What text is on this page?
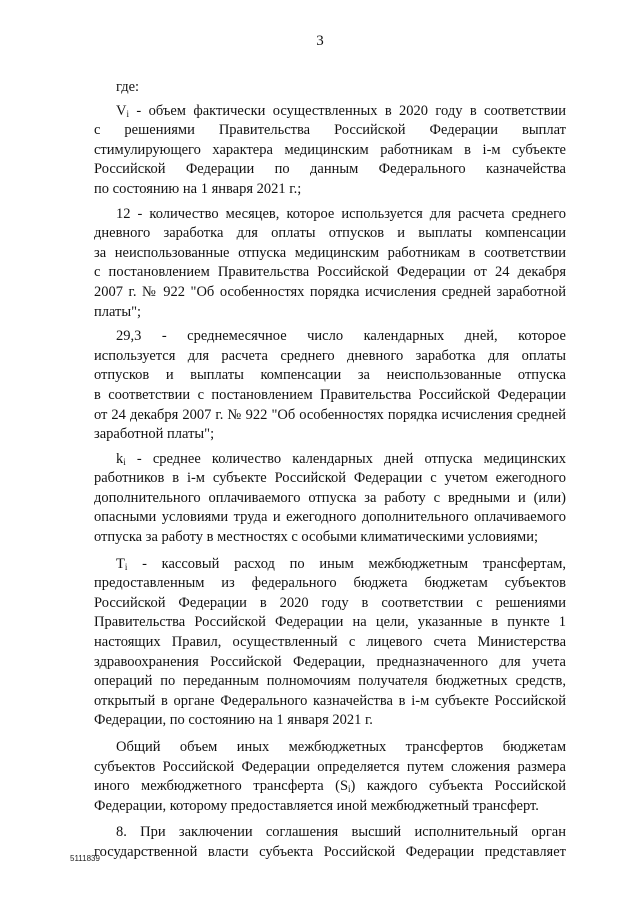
3
где:
$V_i$ - объем фактически осуществленных в 2020 году в соответствии
с решениями Правительства Российской Федерации выплат
стимулирующего характера медицинским работникам в i-м субъекте
Российской Федерации по данным Федерального казначейства
по состоянию на 1 января 2021 г.;
12 - количество месяцев, которое используется для расчета среднего
дневного заработка для оплаты отпусков и выплаты компенсации
за неиспользованные отпуска медицинским работникам в соответствии
с постановлением Правительства Российской Федерации от 24 декабря
2007 г. № 922 "Об особенностях порядка исчисления средней заработной
платы";
29,3 - среднемесячное число календарных дней, которое
используется для расчета среднего дневного заработка для оплаты
отпусков и выплаты компенсации за неиспользованные отпуска
в соответствии с постановлением Правительства Российской Федерации
от 24 декабря 2007 г. № 922 "Об особенностях порядка исчисления средней
заработной платы";
$k_i$ - среднее количество календарных дней отпуска медицинских
работников в i-м субъекте Российской Федерации с учетом ежегодного
дополнительного оплачиваемого отпуска за работу с вредными и (или)
опасными условиями труда и ежегодного дополнительного оплачиваемого
отпуска за работу в местностях с особыми климатическими условиями;
$T_i$ - кассовый расход по иным межбюджетным трансфертам,
предоставленным из федерального бюджета бюджетам субъектов
Российской Федерации в 2020 году в соответствии с решениями
Правительства Российской Федерации на цели, указанные в пункте 1
настоящих Правил, осуществленный с лицевого счета Министерства
здравоохранения Российской Федерации, предназначенного для учета
операций по переданным полномочиям получателя бюджетных средств,
открытый в органе Федерального казначейства в i-м субъекте Российской
Федерации, по состоянию на 1 января 2021 г.
Общий объем иных межбюджетных трансфертов бюджетам
субъектов Российской Федерации определяется путем сложения размера
иного межбюджетного трансферта $(S_i)$ каждого субъекта Российской
Федерации, которому предоставляется иной межбюджетный трансферт.
8. При заключении соглашения высший исполнительный орган
государственной власти субъекта Российской Федерации представляет
5111839
